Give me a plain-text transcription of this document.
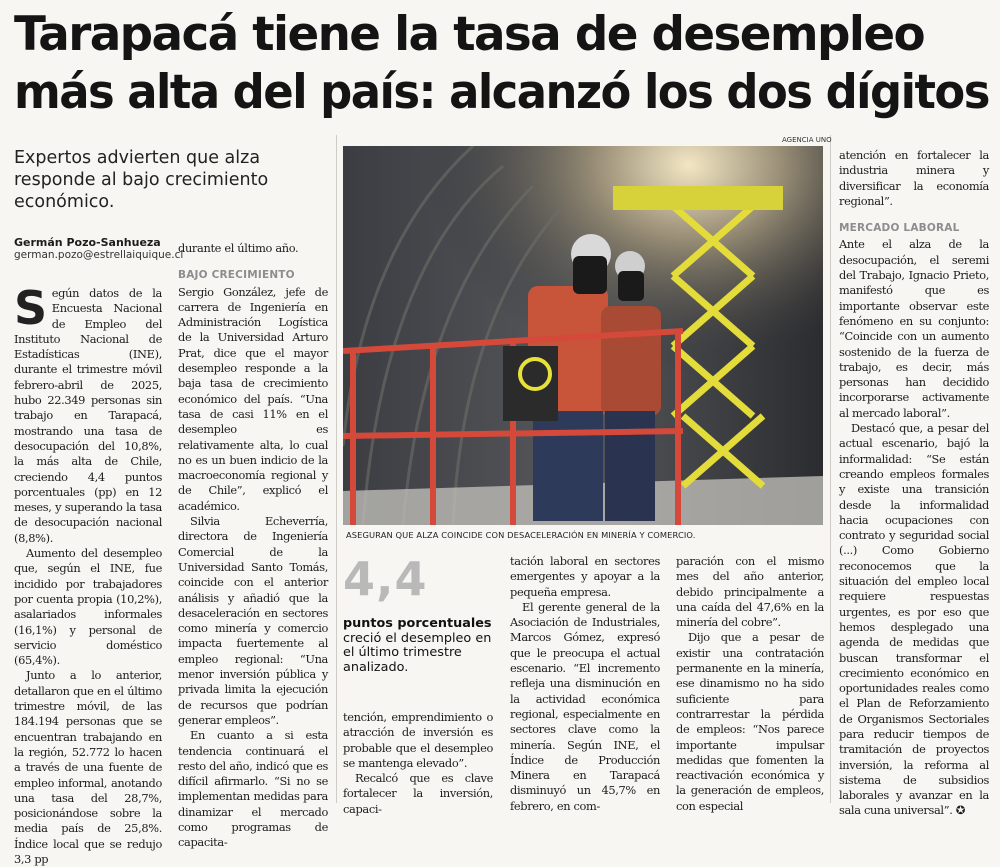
Tarapacá tiene la tasa de desempleo
más alta del país: alcanzó los dos dígitos
Expertos advierten que alza responde al bajo crecimiento económico.
Germán Pozo-Sanhueza
german.pozo@estrellaiquique.cl

Según datos de la Encuesta Nacional de Empleo del Instituto Nacional de Estadísticas (INE), durante el trimestre móvil febrero-abril de 2025, hubo 22.349 personas sin trabajo en Tarapacá, mostrando una tasa de desocupación del 10,8%, la más alta de Chile, creciendo 4,4 puntos porcentuales (pp) en 12 meses, y superando la tasa de desocupación nacional (8,8%).

Aumento del desempleo que, según el INE, fue incidido por trabajadores por cuenta propia (10,2%), asalariados informales (16,1%) y personal de servicio doméstico (65,4%).

Junto a lo anterior, detallaron que en el último trimestre móvil, de las 184.194 personas que se encuentran trabajando en la región, 52.772 lo hacen a través de una fuente de empleo informal, anotando una tasa del 28,7%, posicionándose sobre la media país de 25,8%. Índice local que se redujo 3,3 pp

durante el último año.

BAJO CRECIMIENTO

Sergio González, jefe de carrera de Ingeniería en Administración Logística de la Universidad Arturo Prat, dice que el mayor desempleo responde a la baja tasa de crecimiento económico del país. “Una tasa de casi 11% en el desempleo es relativamente alta, lo cual no es un buen indicio de la macroeconomía regional y de Chile”, explicó el académico.

Silvia Echeverría, directora de Ingeniería Comercial de la Universidad Santo Tomás, coincide con el anterior análisis y añadió que la desaceleración en sectores como minería y comercio impacta fuertemente al empleo regional: “Una menor inversión pública y privada limita la ejecución de recursos que podrían generar empleos”.

En cuanto a si esta tendencia continuará el resto del año, indicó que es difícil afirmarlo. “Si no se implementan medidas para dinamizar el mercado como programas de capacita-

AGENCIA UNO
ASEGURAN QUE ALZA COINCIDE CON DESACELERACIÓN EN MINERÍA Y COMERCIO.
4,4
puntos porcentuales
creció el desempleo en el último trimestre analizado.

tación laboral en sectores emergentes y apoyar a la pequeña empresa.

El gerente general de la Asociación de Industriales, Marcos Gómez, expresó que le preocupa el actual escenario. “El incremento refleja una disminución en la actividad económica regional, especialmente en sectores clave como la minería. Según INE, el Índice de Producción Minera en Tarapacá disminuyó un 45,7% en febrero, en com-

tención, emprendimiento o atracción de inversión es probable que el desempleo se mantenga elevado”.

Recalcó que es clave fortalecer la inversión, capaci-

paración con el mismo mes del año anterior, debido principalmente a una caída del 47,6% en la minería del cobre”.

Dijo que a pesar de existir una contratación permanente en la minería, ese dinamismo no ha sido suficiente para contrarrestar la pérdida de empleos: “Nos parece importante impulsar medidas que fomenten la reactivación económica y la generación de empleos, con especial

atención en fortalecer la industria minera y diversificar la economía regional”.

MERCADO LABORAL

Ante el alza de la desocupación, el seremi del Trabajo, Ignacio Prieto, manifestó que es importante observar este fenómeno en su conjunto: “Coincide con un aumento sostenido de la fuerza de trabajo, es decir, más personas han decidido incorporarse activamente al mercado laboral”.

Destacó que, a pesar del actual escenario, bajó la informalidad: “Se están creando empleos formales y existe una transición desde la informalidad hacia ocupaciones con contrato y seguridad social (...) Como Gobierno reconocemos que la situación del empleo local requiere respuestas urgentes, es por eso que hemos desplegado una agenda de medidas que buscan transformar el crecimiento económico en oportunidades reales como el Plan de Reforzamiento de Organismos Sectoriales para reducir tiempos de tramitación de proyectos inversión, la reforma al sistema de subsidios laborales y avanzar en la sala cuna universal”. ✪
